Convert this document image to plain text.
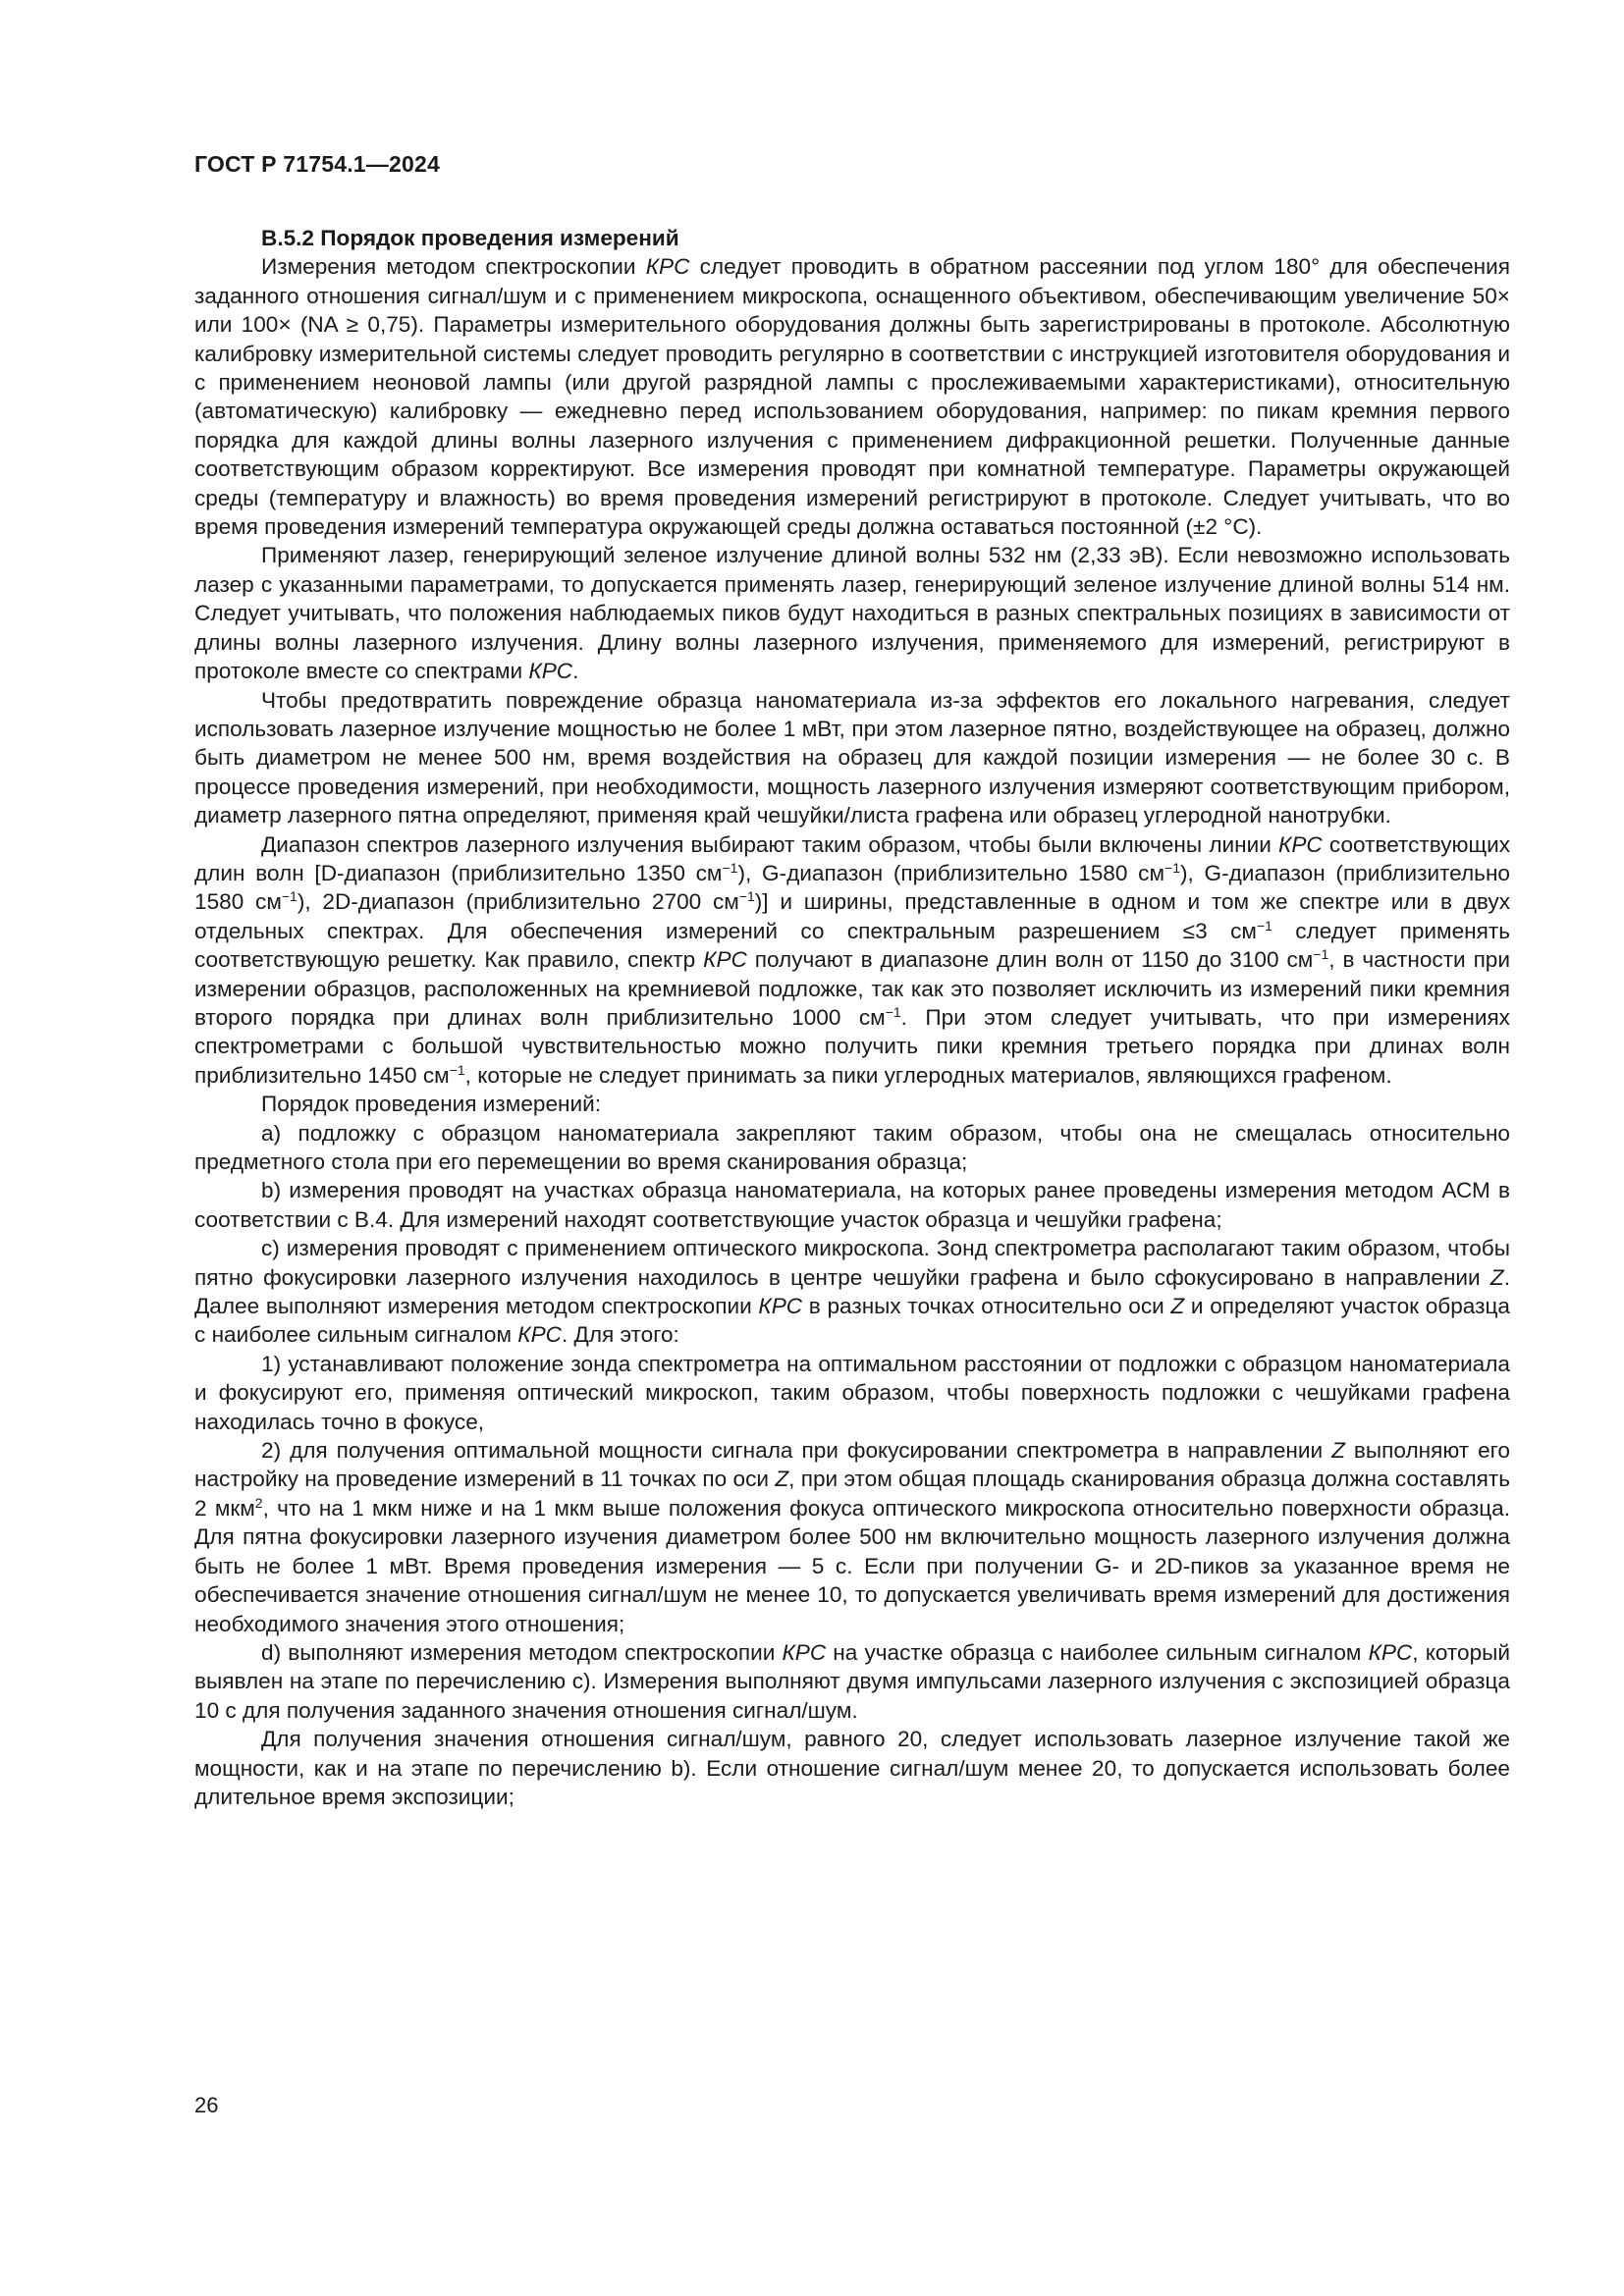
ГОСТ Р 71754.1—2024

B.5.2 Порядок проведения измерений

Измерения методом спектроскопии КРС следует проводить в обратном рассеянии под углом 180° для обеспечения заданного отношения сигнал/шум и с применением микроскопа, оснащенного объективом, обеспечивающим увеличение 50× или 100× (NA ≥ 0,75). Параметры измерительного оборудования должны быть зарегистрированы в протоколе. Абсолютную калибровку измерительной системы следует проводить регулярно в соответствии с инструкцией изготовителя оборудования и с применением неоновой лампы (или другой разрядной лампы с прослеживаемыми характеристиками), относительную (автоматическую) калибровку — ежедневно перед использованием оборудования, например: по пикам кремния первого порядка для каждой длины волны лазерного излучения с применением дифракционной решетки. Полученные данные соответствующим образом корректируют. Все измерения проводят при комнатной температуре. Параметры окружающей среды (температуру и влажность) во время проведения измерений регистрируют в протоколе. Следует учитывать, что во время проведения измерений температура окружающей среды должна оставаться постоянной (±2 °С).

Применяют лазер, генерирующий зеленое излучение длиной волны 532 нм (2,33 эВ). Если невозможно использовать лазер с указанными параметрами, то допускается применять лазер, генерирующий зеленое излучение длиной волны 514 нм. Следует учитывать, что положения наблюдаемых пиков будут находиться в разных спектральных позициях в зависимости от длины волны лазерного излучения. Длину волны лазерного излучения, применяемого для измерений, регистрируют в протоколе вместе со спектрами КРС.

Чтобы предотвратить повреждение образца наноматериала из-за эффектов его локального нагревания, следует использовать лазерное излучение мощностью не более 1 мВт, при этом лазерное пятно, воздействующее на образец, должно быть диаметром не менее 500 нм, время воздействия на образец для каждой позиции измерения — не более 30 с. В процессе проведения измерений, при необходимости, мощность лазерного излучения измеряют соответствующим прибором, диаметр лазерного пятна определяют, применяя край чешуйки/листа графена или образец углеродной нанотрубки.

Диапазон спектров лазерного излучения выбирают таким образом, чтобы были включены линии КРС соответствующих длин волн [D-диапазон (приблизительно 1350 $см^{-1}$), G-диапазон (приблизительно 1580 $см^{-1}$), G-диапазон (приблизительно 1580 $см^{-1}$), 2D-диапазон (приблизительно 2700 $см^{-1}$)] и ширины, представленные в одном и том же спектре или в двух отдельных спектрах. Для обеспечения измерений со спектральным разрешением ≤3 $см^{-1}$ следует применять соответствующую решетку. Как правило, спектр КРС получают в диапазоне длин волн от 1150 до 3100 $см^{-1}$, в частности при измерении образцов, расположенных на кремниевой подложке, так как это позволяет исключить из измерений пики кремния второго порядка при длинах волн приблизительно 1000 $см^{-1}$. При этом следует учитывать, что при измерениях спектрометрами с большой чувствительностью можно получить пики кремния третьего порядка при длинах волн приблизительно 1450 $см^{-1}$, которые не следует принимать за пики углеродных материалов, являющихся графеном.

Порядок проведения измерений:

a) подложку с образцом наноматериала закрепляют таким образом, чтобы она не смещалась относительно предметного стола при его перемещении во время сканирования образца;

b) измерения проводят на участках образца наноматериала, на которых ранее проведены измерения методом АСМ в соответствии с В.4. Для измерений находят соответствующие участок образца и чешуйки графена;

c) измерения проводят с применением оптического микроскопа. Зонд спектрометра располагают таким образом, чтобы пятно фокусировки лазерного излучения находилось в центре чешуйки графена и было сфокусировано в направлении Z. Далее выполняют измерения методом спектроскопии КРС в разных точках относительно оси Z и определяют участок образца с наиболее сильным сигналом КРС. Для этого:

1) устанавливают положение зонда спектрометра на оптимальном расстоянии от подложки с образцом наноматериала и фокусируют его, применяя оптический микроскоп, таким образом, чтобы поверхность подложки с чешуйками графена находилась точно в фокусе,

2) для получения оптимальной мощности сигнала при фокусировании спектрометра в направлении Z выполняют его настройку на проведение измерений в 11 точках по оси Z, при этом общая площадь сканирования образца должна составлять 2 мкм$^2$, что на 1 мкм ниже и на 1 мкм выше положения фокуса оптического микроскопа относительно поверхности образца. Для пятна фокусировки лазерного изучения диаметром более 500 нм включительно мощность лазерного излучения должна быть не более 1 мВт. Время проведения измерения — 5 с. Если при получении G- и 2D-пиков за указанное время не обеспечивается значение отношения сигнал/шум не менее 10, то допускается увеличивать время измерений для достижения необходимого значения этого отношения;

d) выполняют измерения методом спектроскопии КРС на участке образца с наиболее сильным сигналом КРС, который выявлен на этапе по перечислению c). Измерения выполняют двумя импульсами лазерного излучения с экспозицией образца 10 с для получения заданного значения отношения сигнал/шум.

Для получения значения отношения сигнал/шум, равного 20, следует использовать лазерное излучение такой же мощности, как и на этапе по перечислению b). Если отношение сигнал/шум менее 20, то допускается использовать более длительное время экспозиции;

26
